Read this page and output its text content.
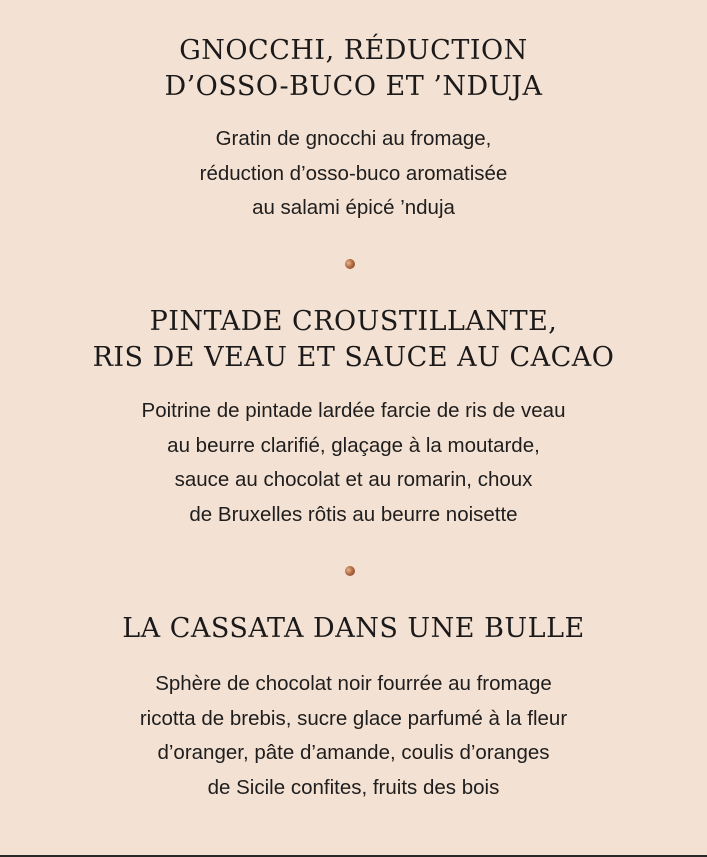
GNOCCHI, RÉDUCTION
D’OSSO-BUCO ET ’NDUJA

Gratin de gnocchi au fromage,
réduction d’osso-buco aromatisée
au salami épicé ’nduja

PINTADE CROUSTILLANTE,
RIS DE VEAU ET SAUCE AU CACAO

Poitrine de pintade lardée farcie de ris de veau
au beurre clarifié, glaçage à la moutarde,
sauce au chocolat et au romarin, choux
de Bruxelles rôtis au beurre noisette

LA CASSATA DANS UNE BULLE

Sphère de chocolat noir fourrée au fromage
ricotta de brebis, sucre glace parfumé à la fleur
d’oranger, pâte d’amande, coulis d’oranges
de Sicile confites, fruits des bois
